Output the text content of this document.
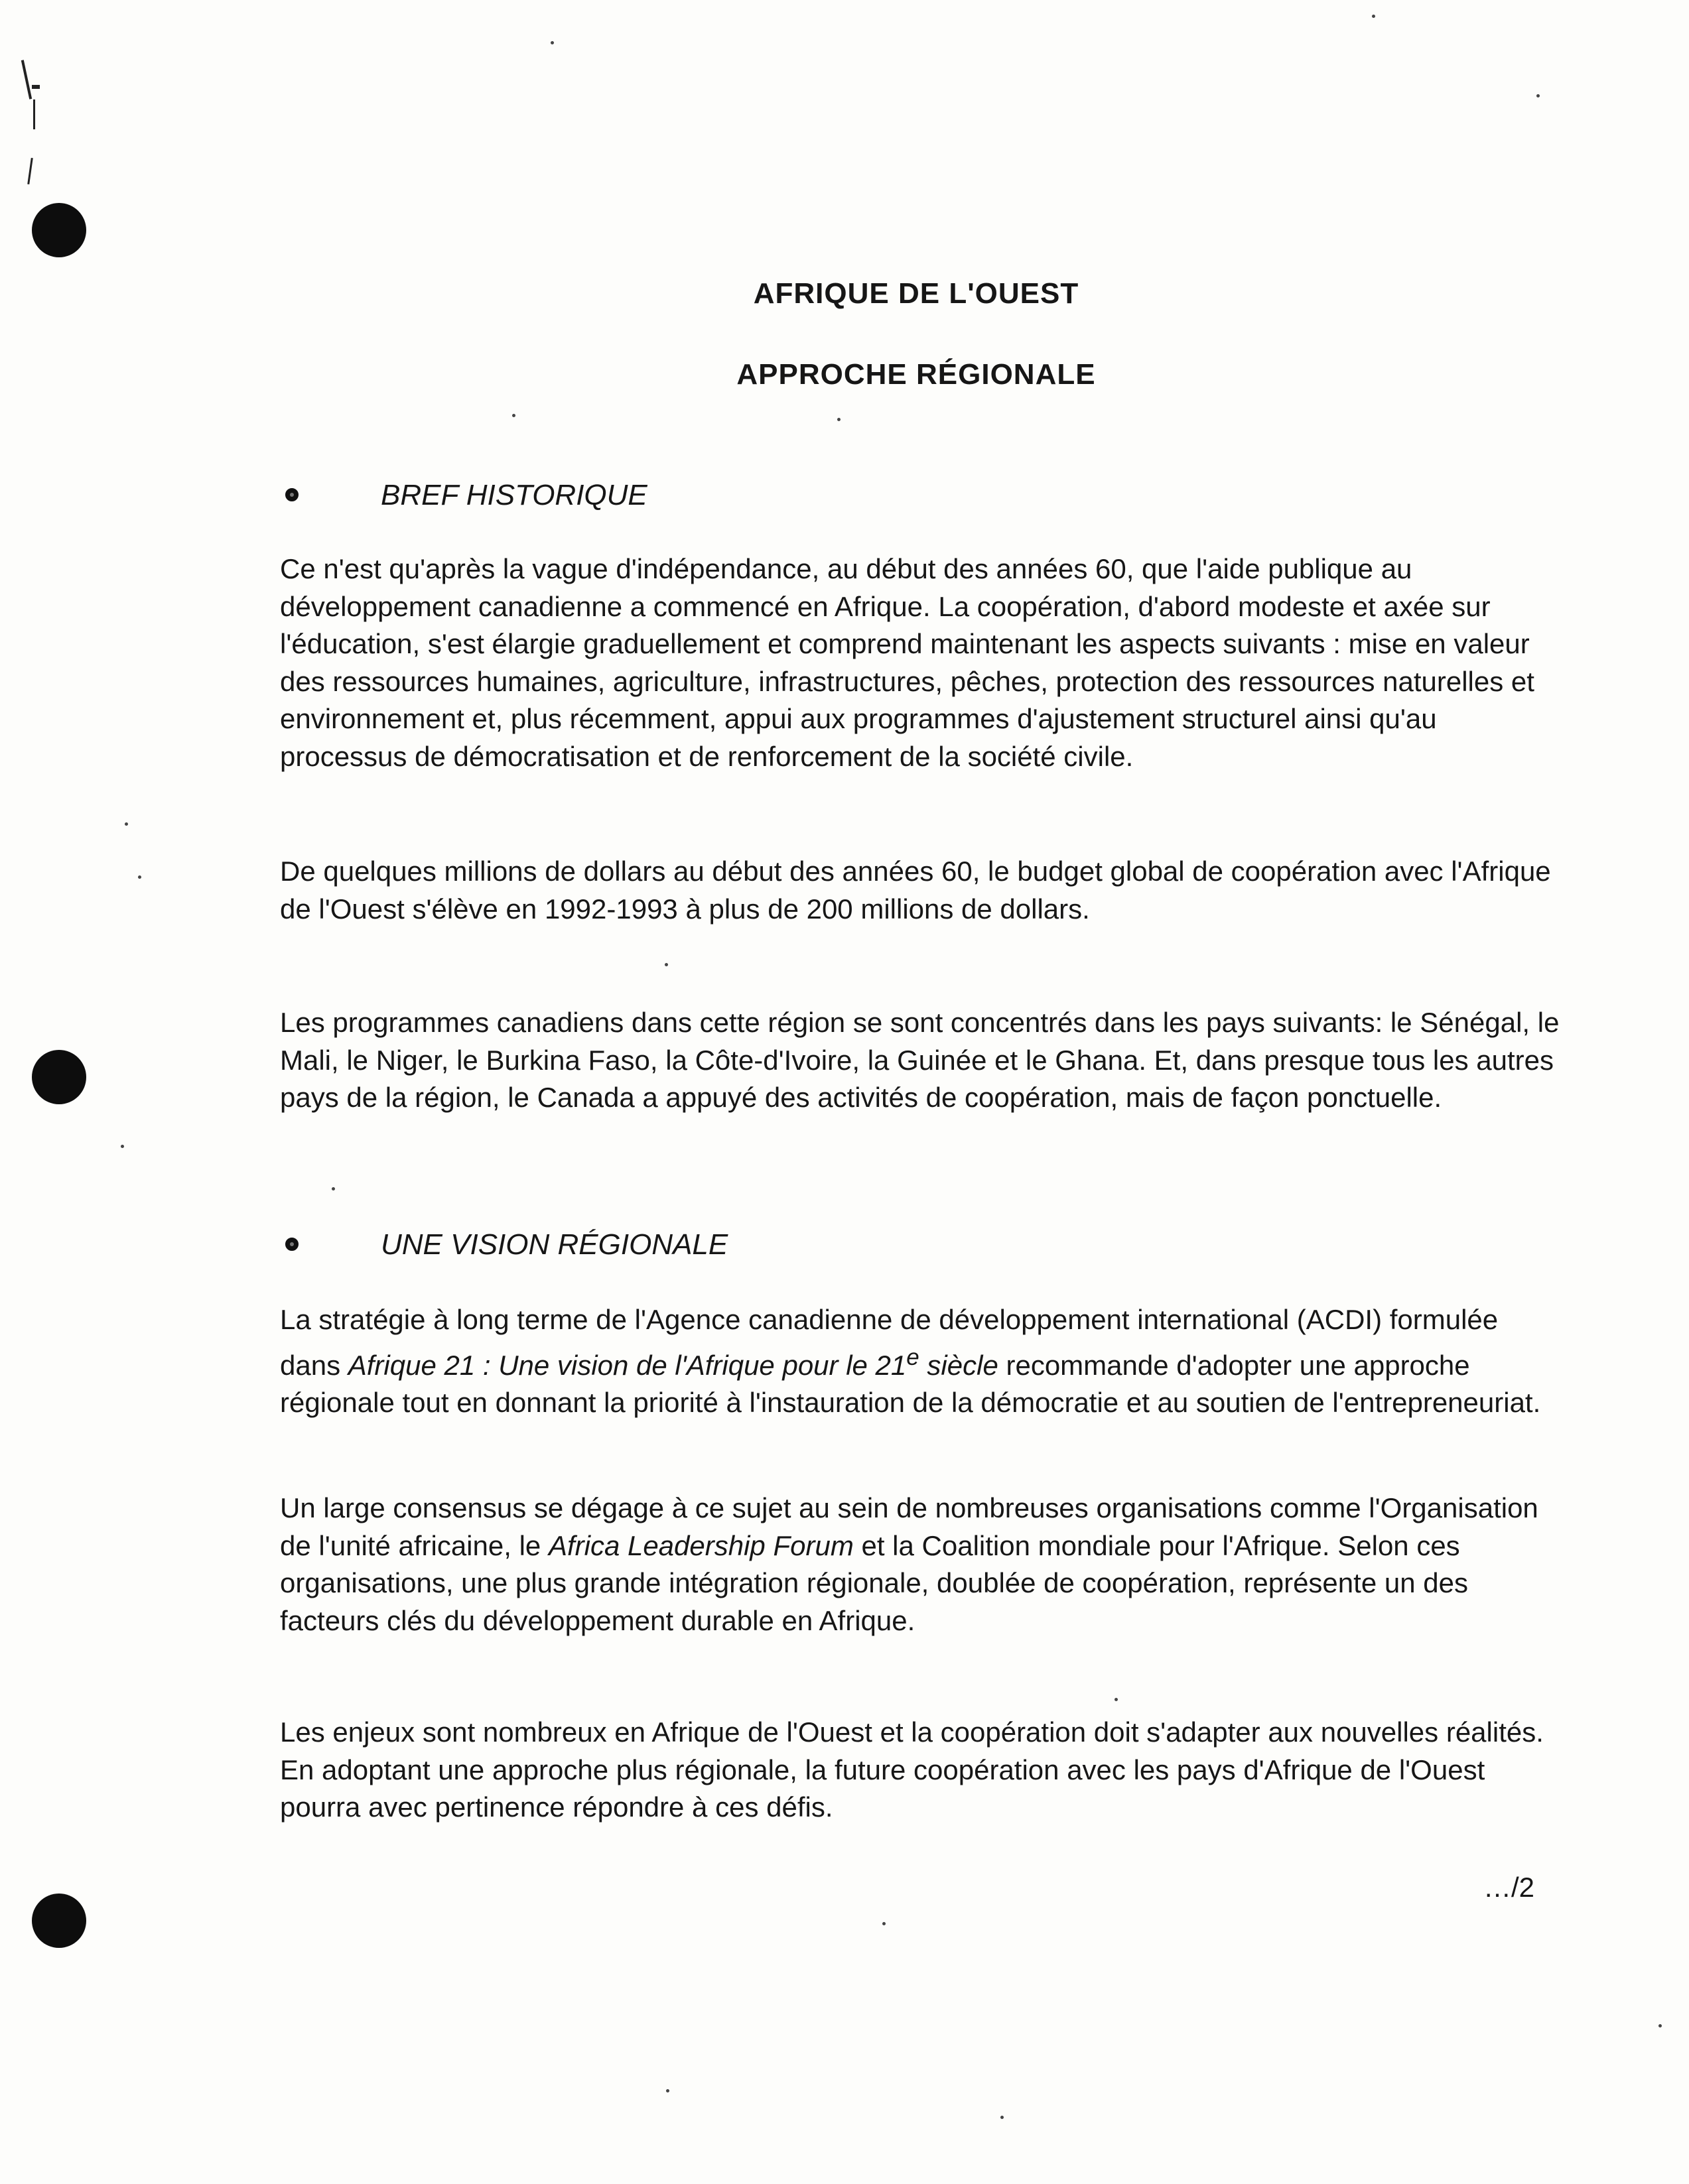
AFRIQUE DE L'OUEST
APPROCHE RÉGIONALE
BREF HISTORIQUE

Ce n'est qu'après la vague d'indépendance, au début des années 60, que l'aide publique au développement canadienne a commencé en Afrique. La coopération, d'abord modeste et axée sur l'éducation, s'est élargie graduellement et comprend maintenant les aspects suivants : mise en valeur des ressources humaines, agriculture, infrastructures, pêches, protection des ressources naturelles et environnement et, plus récemment, appui aux programmes d'ajustement structurel ainsi qu'au processus de démocratisation et de renforcement de la société civile.

De quelques millions de dollars au début des années 60, le budget global de coopération avec l'Afrique de l'Ouest s'élève en 1992-1993 à plus de 200 millions de dollars.

Les programmes canadiens dans cette région se sont concentrés dans les pays suivants: le Sénégal, le Mali, le Niger, le Burkina Faso, la Côte-d'Ivoire, la Guinée et le Ghana. Et, dans presque tous les autres pays de la région, le Canada a appuyé des activités de coopération, mais de façon ponctuelle.

UNE VISION RÉGIONALE

La stratégie à long terme de l'Agence canadienne de développement international (ACDI) formulée dans Afrique 21 : Une vision de l'Afrique pour le 21e siècle recommande d'adopter une approche régionale tout en donnant la priorité à l'instauration de la démocratie et au soutien de l'entrepreneuriat.

Un large consensus se dégage à ce sujet au sein de nombreuses organisations comme l'Organisation de l'unité africaine, le Africa Leadership Forum et la Coalition mondiale pour l'Afrique. Selon ces organisations, une plus grande intégration régionale, doublée de coopération, représente un des facteurs clés du développement durable en Afrique.

Les enjeux sont nombreux en Afrique de l'Ouest et la coopération doit s'adapter aux nouvelles réalités. En adoptant une approche plus régionale, la future coopération avec les pays d'Afrique de l'Ouest pourra avec pertinence répondre à ces défis.

…/2
